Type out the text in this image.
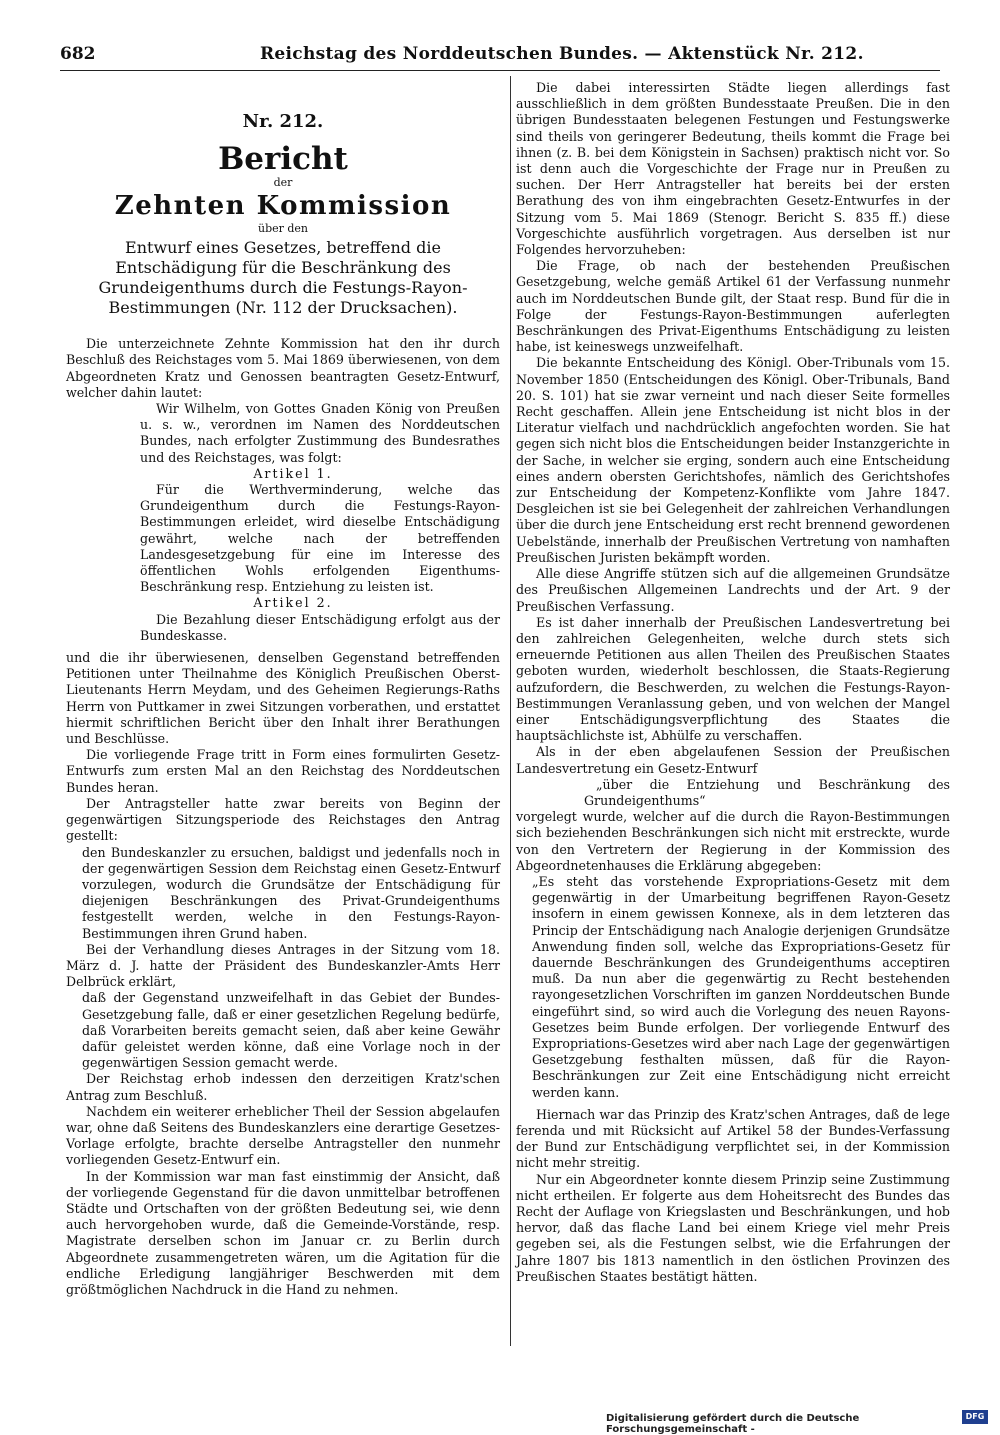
682	Reichstag des Norddeutschen Bundes. — Aktenstück Nr. 212.
Nr. 212.
Bericht
der
Zehnten Kommission
über den
Entwurf eines Gesetzes, betreffend die Entschädigung für die Beschränkung des Grundeigenthums durch die Festungs-Rayon-Bestimmungen (Nr. 112 der Drucksachen).

Die unterzeichnete Zehnte Kommission hat den ihr durch Beschluß des Reichstages vom 5. Mai 1869 überwiesenen, von dem Abgeordneten Kratz und Genossen beantragten Gesetz-Entwurf, welcher dahin lautet:

Wir Wilhelm, von Gottes Gnaden König von Preußen u. s. w., verordnen im Namen des Norddeutschen Bundes, nach erfolgter Zustimmung des Bundesrathes und des Reichstages, was folgt:

Artikel 1.

Für die Werthverminderung, welche das Grundeigenthum durch die Festungs-Rayon-Bestimmungen erleidet, wird dieselbe Entschädigung gewährt, welche nach der betreffenden Landesgesetzgebung für eine im Interesse des öffentlichen Wohls erfolgenden Eigenthums-Beschränkung resp. Entziehung zu leisten ist.

Artikel 2.

Die Bezahlung dieser Entschädigung erfolgt aus der Bundeskasse.

und die ihr überwiesenen, denselben Gegenstand betreffenden Petitionen unter Theilnahme des Königlich Preußischen Oberst-Lieutenants Herrn Meydam, und des Geheimen Regierungs-Raths Herrn von Puttkamer in zwei Sitzungen vorberathen, und erstattet hiermit schriftlichen Bericht über den Inhalt ihrer Berathungen und Beschlüsse.

Die vorliegende Frage tritt in Form eines formulirten Gesetz-Entwurfs zum ersten Mal an den Reichstag des Norddeutschen Bundes heran.

Der Antragsteller hatte zwar bereits von Beginn der gegenwärtigen Sitzungsperiode des Reichstages den Antrag gestellt:

den Bundeskanzler zu ersuchen, baldigst und jedenfalls noch in der gegenwärtigen Session dem Reichstag einen Gesetz-Entwurf vorzulegen, wodurch die Grundsätze der Entschädigung für diejenigen Beschränkungen des Privat-Grundeigenthums festgestellt werden, welche in den Festungs-Rayon-Bestimmungen ihren Grund haben.

Bei der Verhandlung dieses Antrages in der Sitzung vom 18. März d. J. hatte der Präsident des Bundeskanzler-Amts Herr Delbrück erklärt,

daß der Gegenstand unzweifelhaft in das Gebiet der Bundes-Gesetzgebung falle, daß er einer gesetzlichen Regelung bedürfe, daß Vorarbeiten bereits gemacht seien, daß aber keine Gewähr dafür geleistet werden könne, daß eine Vorlage noch in der gegenwärtigen Session gemacht werde.

Der Reichstag erhob indessen den derzeitigen Kratz'schen Antrag zum Beschluß.

Nachdem ein weiterer erheblicher Theil der Session abgelaufen war, ohne daß Seitens des Bundeskanzlers eine derartige Gesetzes-Vorlage erfolgte, brachte derselbe Antragsteller den nunmehr vorliegenden Gesetz-Entwurf ein.

In der Kommission war man fast einstimmig der Ansicht, daß der vorliegende Gegenstand für die davon unmittelbar betroffenen Städte und Ortschaften von der größten Bedeutung sei, wie denn auch hervorgehoben wurde, daß die Gemeinde-Vorstände, resp. Magistrate derselben schon im Januar cr. zu Berlin durch Abgeordnete zusammengetreten wären, um die Agitation für die endliche Erledigung langjähriger Beschwerden mit dem größtmöglichen Nachdruck in die Hand zu nehmen.

Die dabei interessirten Städte liegen allerdings fast ausschließlich in dem größten Bundesstaate Preußen. Die in den übrigen Bundesstaaten belegenen Festungen und Festungswerke sind theils von geringerer Bedeutung, theils kommt die Frage bei ihnen (z. B. bei dem Königstein in Sachsen) praktisch nicht vor. So ist denn auch die Vorgeschichte der Frage nur in Preußen zu suchen. Der Herr Antragsteller hat bereits bei der ersten Berathung des von ihm eingebrachten Gesetz-Entwurfes in der Sitzung vom 5. Mai 1869 (Stenogr. Bericht S. 835 ff.) diese Vorgeschichte ausführlich vorgetragen. Aus derselben ist nur Folgendes hervorzuheben:

Die Frage, ob nach der bestehenden Preußischen Gesetzgebung, welche gemäß Artikel 61 der Verfassung nunmehr auch im Norddeutschen Bunde gilt, der Staat resp. Bund für die in Folge der Festungs-Rayon-Bestimmungen auferlegten Beschränkungen des Privat-Eigenthums Entschädigung zu leisten habe, ist keineswegs unzweifelhaft.

Die bekannte Entscheidung des Königl. Ober-Tribunals vom 15. November 1850 (Entscheidungen des Königl. Ober-Tribunals, Band 20. S. 101) hat sie zwar verneint und nach dieser Seite formelles Recht geschaffen. Allein jene Entscheidung ist nicht blos in der Literatur vielfach und nachdrücklich angefochten worden. Sie hat gegen sich nicht blos die Entscheidungen beider Instanzgerichte in der Sache, in welcher sie erging, sondern auch eine Entscheidung eines andern obersten Gerichtshofes, nämlich des Gerichtshofes zur Entscheidung der Kompetenz-Konflikte vom Jahre 1847. Desgleichen ist sie bei Gelegenheit der zahlreichen Verhandlungen über die durch jene Entscheidung erst recht brennend gewordenen Uebelstände, innerhalb der Preußischen Vertretung von namhaften Preußischen Juristen bekämpft worden.

Alle diese Angriffe stützen sich auf die allgemeinen Grundsätze des Preußischen Allgemeinen Landrechts und der Art. 9 der Preußischen Verfassung.

Es ist daher innerhalb der Preußischen Landesvertretung bei den zahlreichen Gelegenheiten, welche durch stets sich erneuernde Petitionen aus allen Theilen des Preußischen Staates geboten wurden, wiederholt beschlossen, die Staats-Regierung aufzufordern, die Beschwerden, zu welchen die Festungs-Rayon-Bestimmungen Veranlassung geben, und von welchen der Mangel einer Entschädigungsverpflichtung des Staates die hauptsächlichste ist, Abhülfe zu verschaffen.

Als in der eben abgelaufenen Session der Preußischen Landesvertretung ein Gesetz-Entwurf

„über die Entziehung und Beschränkung des Grundeigenthums“

vorgelegt wurde, welcher auf die durch die Rayon-Bestimmungen sich beziehenden Beschränkungen sich nicht mit erstreckte, wurde von den Vertretern der Regierung in der Kommission des Abgeordnetenhauses die Erklärung abgegeben:

„Es steht das vorstehende Expropriations-Gesetz mit dem gegenwärtig in der Umarbeitung begriffenen Rayon-Gesetz insofern in einem gewissen Konnexe, als in dem letzteren das Princip der Entschädigung nach Analogie derjenigen Grundsätze Anwendung finden soll, welche das Expropriations-Gesetz für dauernde Beschränkungen des Grundeigenthums acceptiren muß. Da nun aber die gegenwärtig zu Recht bestehenden rayongesetzlichen Vorschriften im ganzen Norddeutschen Bunde eingeführt sind, so wird auch die Vorlegung des neuen Rayons-Gesetzes beim Bunde erfolgen. Der vorliegende Entwurf des Expropriations-Gesetzes wird aber nach Lage der gegenwärtigen Gesetzgebung festhalten müssen, daß für die Rayon-Beschränkungen zur Zeit eine Entschädigung nicht erreicht werden kann.

Hiernach war das Prinzip des Kratz'schen Antrages, daß de lege ferenda und mit Rücksicht auf Artikel 58 der Bundes-Verfassung der Bund zur Entschädigung verpflichtet sei, in der Kommission nicht mehr streitig.

Nur ein Abgeordneter konnte diesem Prinzip seine Zustimmung nicht ertheilen. Er folgerte aus dem Hoheitsrecht des Bundes das Recht der Auflage von Kriegslasten und Beschränkungen, und hob hervor, daß das flache Land bei einem Kriege viel mehr Preis gegeben sei, als die Festungen selbst, wie die Erfahrungen der Jahre 1807 bis 1813 namentlich in den östlichen Provinzen des Preußischen Staates bestätigt hätten.

Digitalisierung gefördert durch die Deutsche Forschungsgemeinschaft -
DFG
